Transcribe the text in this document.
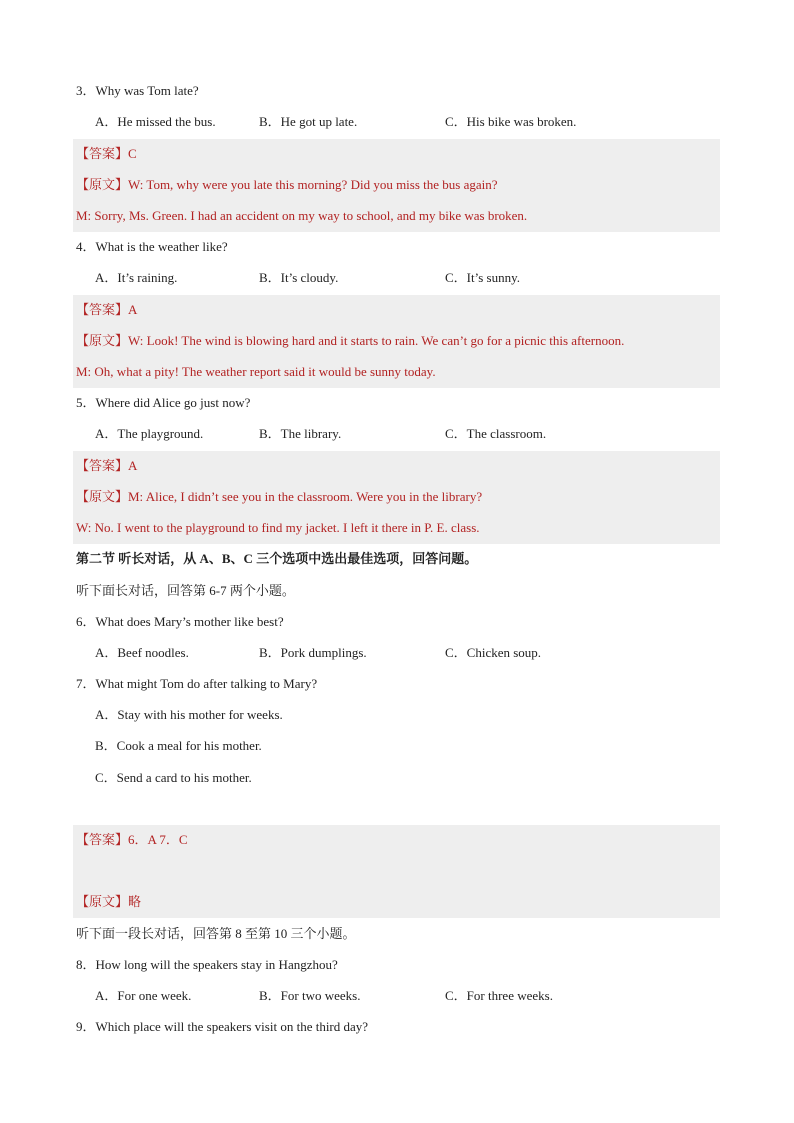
3．Why was Tom late?
A．He missed the bus.	B．He got up late.	C．His bike was broken.
【答案】C
【原文】W: Tom, why were you late this morning? Did you miss the bus again?
M: Sorry, Ms. Green. I had an accident on my way to school, and my bike was broken.
4．What is the weather like?
A．It’s raining.	B．It’s cloudy.	C．It’s sunny.
【答案】A
【原文】W: Look! The wind is blowing hard and it starts to rain. We can’t go for a picnic this afternoon.
M: Oh, what a pity! The weather report said it would be sunny today.
5．Where did Alice go just now?
A．The playground.	B．The library.	C．The classroom.
【答案】A
【原文】M: Alice, I didn’t see you in the classroom. Were you in the library?
W: No. I went to the playground to find my jacket. I left it there in P. E. class.
第二节 听长对话，从 A、B、C 三个选项中选出最佳选项，回答问题。
听下面长对话，回答第 6-7 两个小题。
6．What does Mary’s mother like best?
A．Beef noodles.	B．Pork dumplings.	C．Chicken soup.
7．What might Tom do after talking to Mary?
A．Stay with his mother for weeks.
B．Cook a meal for his mother.
C．Send a card to his mother.
【答案】6．A 7．C
【原文】略
听下面一段长对话，回答第 8 至第 10 三个小题。
8．How long will the speakers stay in Hangzhou?
A．For one week.	B．For two weeks.	C．For three weeks.
9．Which place will the speakers visit on the third day?
